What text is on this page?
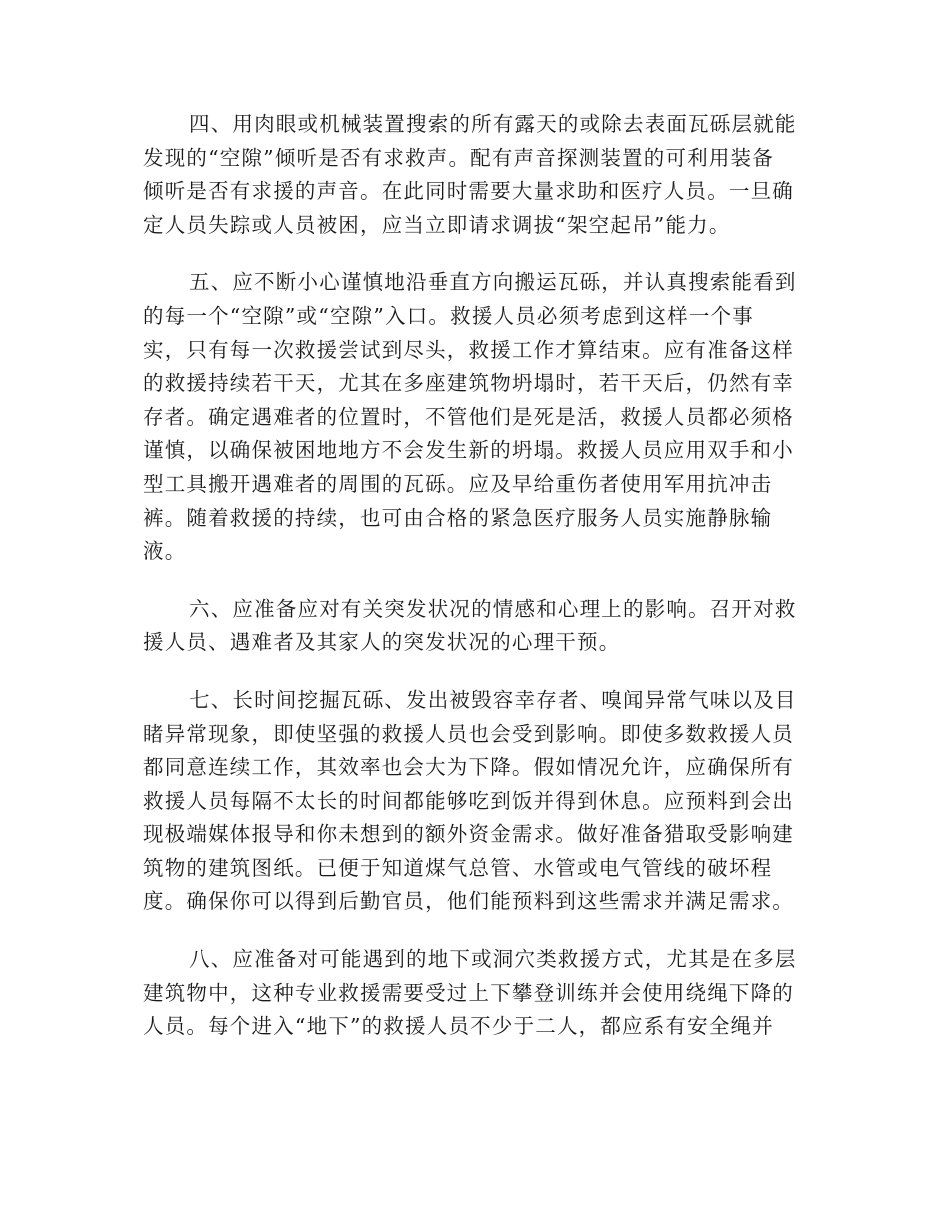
四、用肉眼或机械装置搜索的所有露天的或除去表面瓦砾层就能
发现的“空隙”倾听是否有求救声。配有声音探测装置的可利用装备
倾听是否有求援的声音。在此同时需要大量求助和医疗人员。一旦确
定人员失踪或人员被困，应当立即请求调拔“架空起吊”能力。
五、应不断小心谨慎地沿垂直方向搬运瓦砾，并认真搜索能看到
的每一个“空隙”或“空隙”入口。救援人员必须考虑到这样一个事
实，只有每一次救援尝试到尽头，救援工作才算结束。应有准备这样
的救援持续若干天，尤其在多座建筑物坍塌时，若干天后，仍然有幸
存者。确定遇难者的位置时，不管他们是死是活，救援人员都必须格
谨慎，以确保被困地地方不会发生新的坍塌。救援人员应用双手和小
型工具搬开遇难者的周围的瓦砾。应及早给重伤者使用军用抗冲击
裤。随着救援的持续，也可由合格的紧急医疗服务人员实施静脉输
液。
六、应准备应对有关突发状况的情感和心理上的影响。召开对救
援人员、遇难者及其家人的突发状况的心理干预。
七、长时间挖掘瓦砾、发出被毁容幸存者、嗅闻异常气味以及目
睹异常现象，即使坚强的救援人员也会受到影响。即使多数救援人员
都同意连续工作，其效率也会大为下降。假如情况允许，应确保所有
救援人员每隔不太长的时间都能够吃到饭并得到休息。应预料到会出
现极端媒体报导和你未想到的额外资金需求。做好准备猎取受影响建
筑物的建筑图纸。已便于知道煤气总管、水管或电气管线的破坏程
度。确保你可以得到后勤官员，他们能预料到这些需求并满足需求。
八、应准备对可能遇到的地下或洞穴类救援方式，尤其是在多层
建筑物中，这种专业救援需要受过上下攀登训练并会使用绕绳下降的
人员。每个进入“地下”的救援人员不少于二人，都应系有安全绳并
